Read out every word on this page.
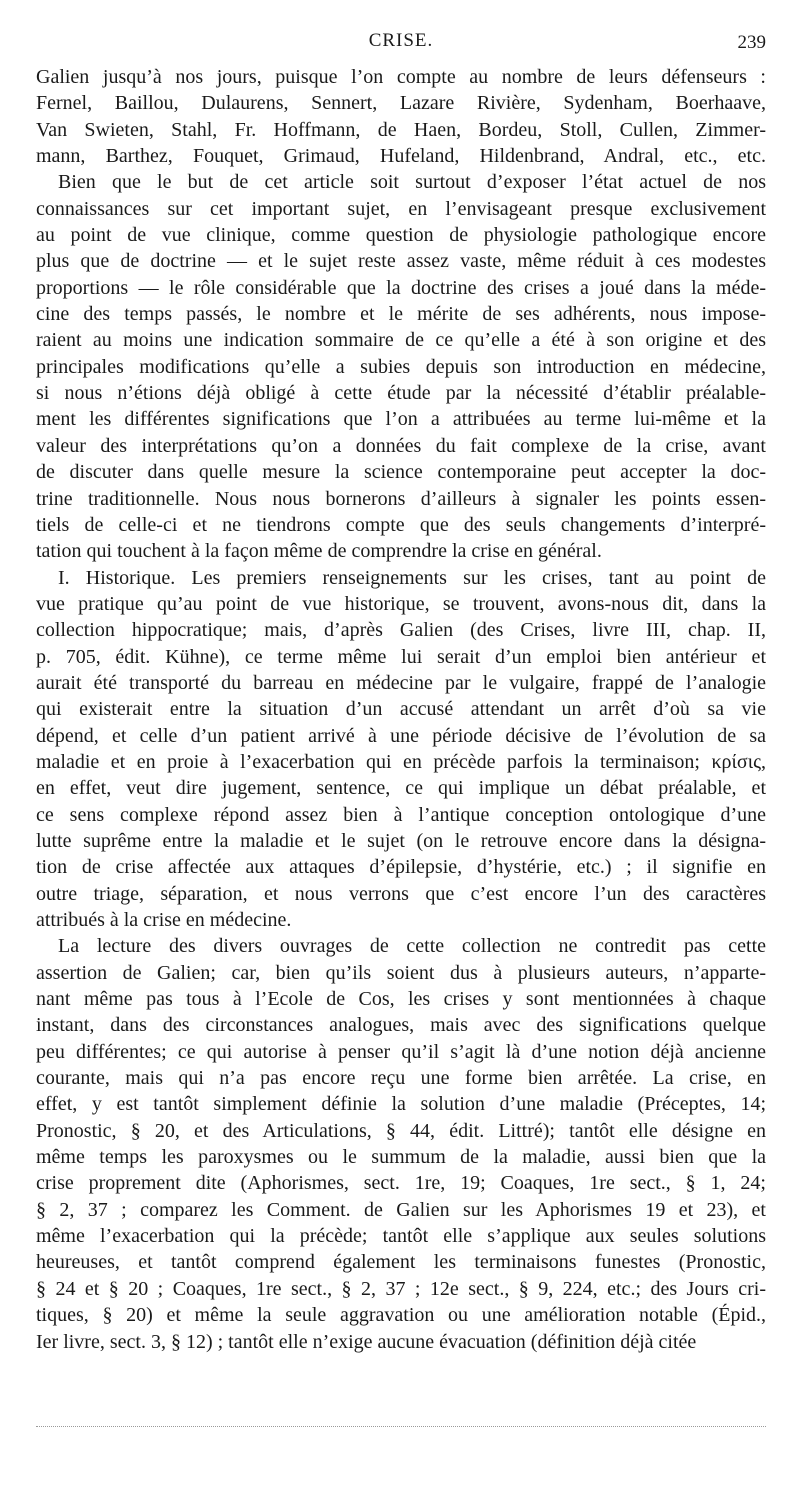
CRISE.	239
Galien jusqu’à nos jours, puisque l’on compte au nombre de leurs défenseurs :
Fernel, Baillou, Dulaurens, Sennert, Lazare Rivière, Sydenham, Boerhaave,
Van Swieten, Stahl, Fr. Hoffmann, de Haen, Bordeu, Stoll, Cullen, Zimmer-
mann, Barthez, Fouquet, Grimaud, Hufeland, Hildenbrand, Andral, etc., etc.
Bien que le but de cet article soit surtout d’exposer l’état actuel de nos
connaissances sur cet important sujet, en l’envisageant presque exclusivement
au point de vue clinique, comme question de physiologie pathologique encore
plus que de doctrine — et le sujet reste assez vaste, même réduit à ces modestes
proportions — le rôle considérable que la doctrine des crises a joué dans la méde-
cine des temps passés, le nombre et le mérite de ses adhérents, nous impose-
raient au moins une indication sommaire de ce qu’elle a été à son origine et des
principales modifications qu’elle a subies depuis son introduction en médecine,
si nous n’étions déjà obligé à cette étude par la nécessité d’établir préalable-
ment les différentes significations que l’on a attribuées au terme lui-même et la
valeur des interprétations qu’on a données du fait complexe de la crise, avant
de discuter dans quelle mesure la science contemporaine peut accepter la doc-
trine traditionnelle. Nous nous bornerons d’ailleurs à signaler les points essen-
tiels de celle-ci et ne tiendrons compte que des seuls changements d’interpré-
tation qui touchent à la façon même de comprendre la crise en général.
I. Historique. Les premiers renseignements sur les crises, tant au point de
vue pratique qu’au point de vue historique, se trouvent, avons-nous dit, dans la
collection hippocratique; mais, d’après Galien (des Crises, livre III, chap. II,
p. 705, édit. Kühne), ce terme même lui serait d’un emploi bien antérieur et
aurait été transporté du barreau en médecine par le vulgaire, frappé de l’analogie
qui existerait entre la situation d’un accusé attendant un arrêt d’où sa vie
dépend, et celle d’un patient arrivé à une période décisive de l’évolution de sa
maladie et en proie à l’exacerbation qui en précède parfois la terminaison; κρίσις,
en effet, veut dire jugement, sentence, ce qui implique un débat préalable, et
ce sens complexe répond assez bien à l’antique conception ontologique d’une
lutte suprême entre la maladie et le sujet (on le retrouve encore dans la désigna-
tion de crise affectée aux attaques d’épilepsie, d’hystérie, etc.) ; il signifie en
outre triage, séparation, et nous verrons que c’est encore l’un des caractères
attribués à la crise en médecine.
La lecture des divers ouvrages de cette collection ne contredit pas cette
assertion de Galien; car, bien qu’ils soient dus à plusieurs auteurs, n’apparte-
nant même pas tous à l’Ecole de Cos, les crises y sont mentionnées à chaque
instant, dans des circonstances analogues, mais avec des significations quelque
peu différentes; ce qui autorise à penser qu’il s’agit là d’une notion déjà ancienne
courante, mais qui n’a pas encore reçu une forme bien arrêtée. La crise, en
effet, y est tantôt simplement définie la solution d’une maladie (Préceptes, 14;
Pronostic, § 20, et des Articulations, § 44, édit. Littré); tantôt elle désigne en
même temps les paroxysmes ou le summum de la maladie, aussi bien que la
crise proprement dite (Aphorismes, sect. 1re, 19; Coaques, 1re sect., § 1, 24;
§ 2, 37 ; comparez les Comment. de Galien sur les Aphorismes 19 et 23), et
même l’exacerbation qui la précède; tantôt elle s’applique aux seules solutions
heureuses, et tantôt comprend également les terminaisons funestes (Pronostic,
§ 24 et § 20 ; Coaques, 1re sect., § 2, 37 ; 12e sect., § 9, 224, etc.; des Jours cri-
tiques, § 20) et même la seule aggravation ou une amélioration notable (Épid.,
Ier livre, sect. 3, § 12) ; tantôt elle n’exige aucune évacuation (définition déjà citée
